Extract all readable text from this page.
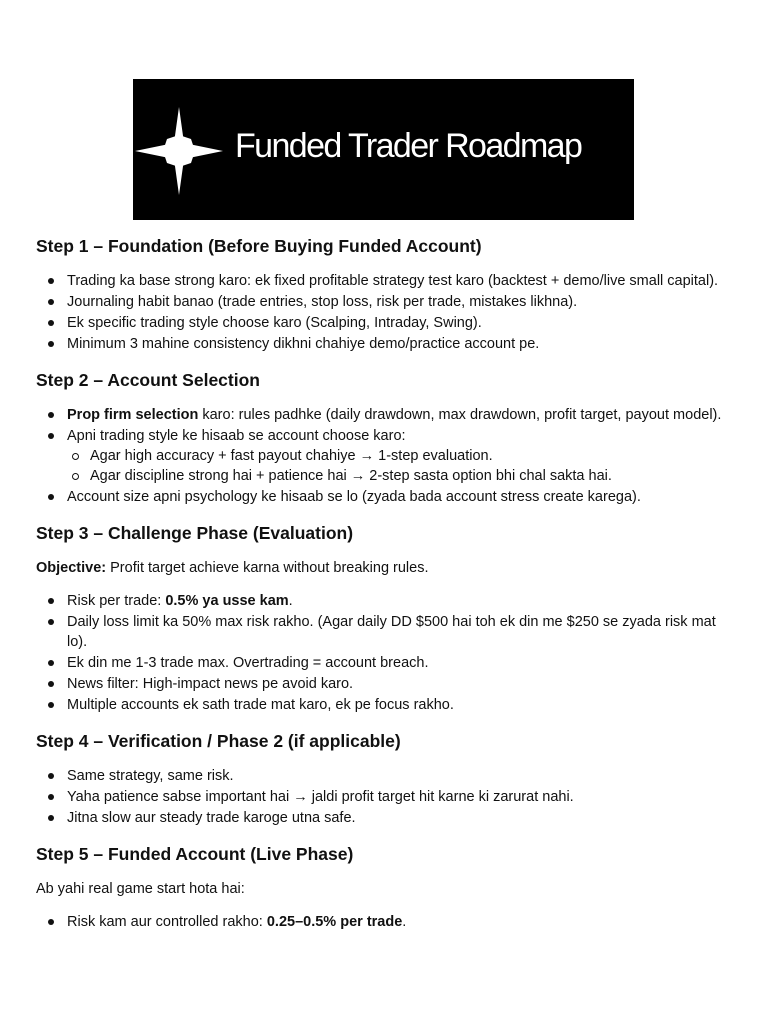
Funded Trader Roadmap
Step 1 – Foundation (Before Buying Funded Account)
Trading ka base strong karo: ek fixed profitable strategy test karo (backtest + demo/live small capital).
Journaling habit banao (trade entries, stop loss, risk per trade, mistakes likhna).
Ek specific trading style choose karo (Scalping, Intraday, Swing).
Minimum 3 mahine consistency dikhni chahiye demo/practice account pe.
Step 2 – Account Selection
Prop firm selection karo: rules padhke (daily drawdown, max drawdown, profit target, payout model).
Apni trading style ke hisaab se account choose karo:
Agar high accuracy + fast payout chahiye → 1-step evaluation.
Agar discipline strong hai + patience hai → 2-step sasta option bhi chal sakta hai.
Account size apni psychology ke hisaab se lo (zyada bada account stress create karega).
Step 3 – Challenge Phase (Evaluation)

Objective: Profit target achieve karna without breaking rules.

Risk per trade: 0.5% ya usse kam.
Daily loss limit ka 50% max risk rakho. (Agar daily DD $500 hai toh ek din me $250 se zyada risk mat lo).
Ek din me 1-3 trade max. Overtrading = account breach.
News filter: High-impact news pe avoid karo.
Multiple accounts ek sath trade mat karo, ek pe focus rakho.
Step 4 – Verification / Phase 2 (if applicable)
Same strategy, same risk.
Yaha patience sabse important hai → jaldi profit target hit karne ki zarurat nahi.
Jitna slow aur steady trade karoge utna safe.
Step 5 – Funded Account (Live Phase)

Ab yahi real game start hota hai:

Risk kam aur controlled rakho: 0.25–0.5% per trade.
